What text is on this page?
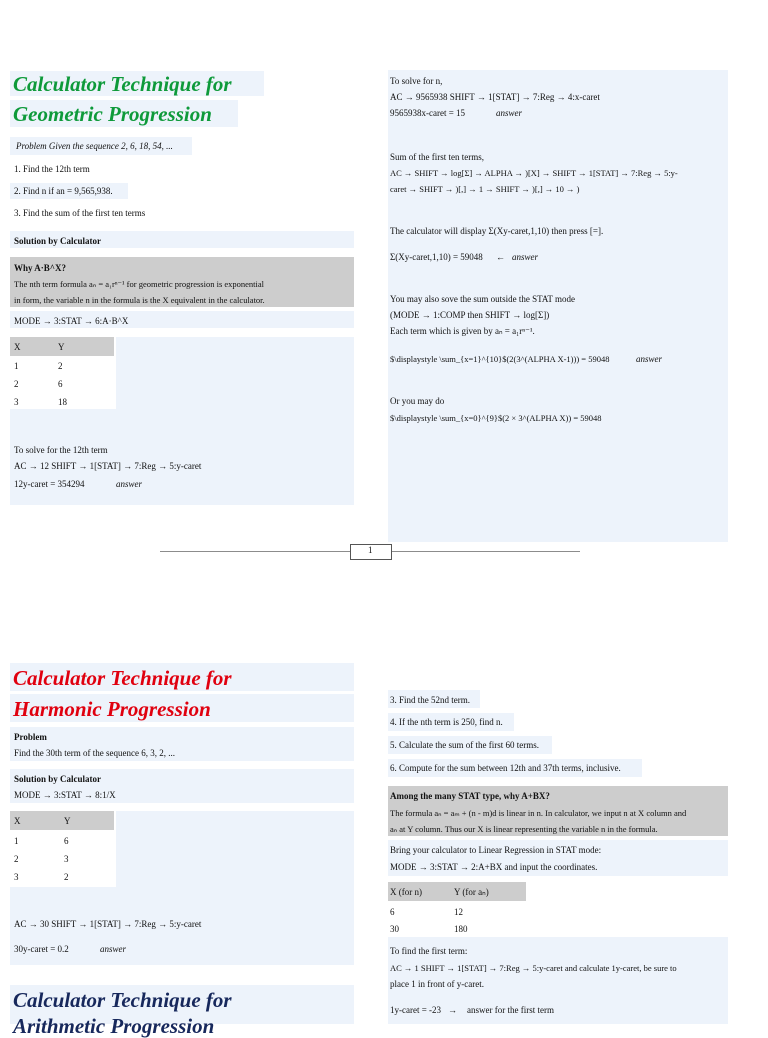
Calculator Technique for
Geometric Progression
Problem Given the sequence 2, 6, 18, 54, ...
1. Find the 12th term
2. Find n if an = 9,565,938.
3. Find the sum of the first ten terms
Solution by Calculator
Why A·B^X?
The nth term formula aₙ = a₁rⁿ⁻¹ for geometric progression is exponential
in form, the variable n in the formula is the X equivalent in the calculator.
MODE → 3:STAT → 6:A·B^X
X	Y
1	2
2	6
3	18
To solve for the 12th term
AC → 12 SHIFT → 1[STAT] → 7:Reg → 5:y-caret
12y-caret = 354294	answer
To solve for n,
AC → 9565938 SHIFT → 1[STAT] → 7:Reg → 4:x-caret
9565938x-caret = 15	answer
Sum of the first ten terms,
AC → SHIFT → log[Σ] → ALPHA → )[X] → SHIFT → 1[STAT] → 7:Reg → 5:y-
caret → SHIFT → )[,] → 1 → SHIFT → )[,] → 10 → )
The calculator will display Σ(Xy-caret,1,10) then press [=].
Σ(Xy-caret,1,10) = 59048 ← answer
You may also sove the sum outside the STAT mode
(MODE → 1:COMP then SHIFT → log[Σ])
Each term which is given by aₙ = a₁rⁿ⁻¹.
$\displaystyle \sum_{x=1}^{10}$(2(3^(ALPHA X-1))) = 59048	answer
Or you may do
$\displaystyle \sum_{x=0}^{9}$(2 × 3^(ALPHA X)) = 59048
1
Calculator Technique for
Harmonic Progression
Problem
Find the 30th term of the sequence 6, 3, 2, ...
Solution by Calculator
MODE → 3:STAT → 8:1/X
X	Y
1	6
2	3
3	2
AC → 30 SHIFT → 1[STAT] → 7:Reg → 5:y-caret
30y-caret = 0.2	answer
Calculator Technique for
Arithmetic Progression
3. Find the 52nd term.
4. If the nth term is 250, find n.
5. Calculate the sum of the first 60 terms.
6. Compute for the sum between 12th and 37th terms, inclusive.
Among the many STAT type, why A+BX?
The formula aₙ = aₘ + (n - m)d is linear in n. In calculator, we input n at X column and
aₙ at Y column. Thus our X is linear representing the variable n in the formula.
Bring your calculator to Linear Regression in STAT mode:
MODE → 3:STAT → 2:A+BX and input the coordinates.
X (for n)	Y (for aₙ)
6	12
30	180
To find the first term:
AC → 1 SHIFT → 1[STAT] → 7:Reg → 5:y-caret and calculate 1y-caret, be sure to
place 1 in front of y-caret.
1y-caret = -23 → answer for the first term
